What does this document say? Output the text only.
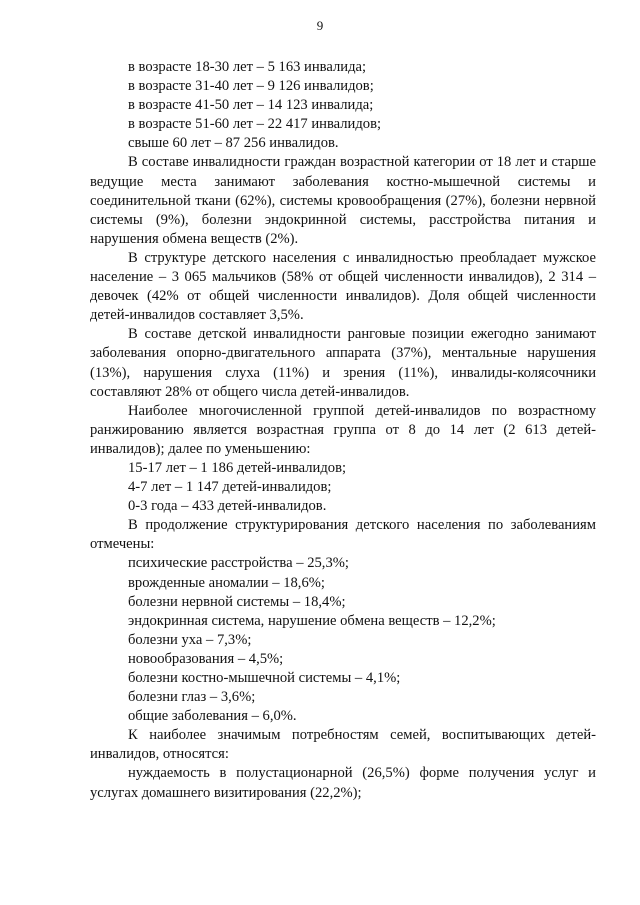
9

в возрасте 18-30 лет – 5 163 инвалида;

в возрасте 31-40 лет – 9 126 инвалидов;

в возрасте 41-50 лет – 14 123 инвалида;

в возрасте 51-60 лет – 22 417 инвалидов;

свыше 60 лет – 87 256 инвалидов.

В составе инвалидности граждан возрастной категории от 18 лет и старше ведущие места занимают заболевания костно-мышечной системы и соединительной ткани (62%), системы кровообращения (27%), болезни нервной системы (9%), болезни эндокринной системы, расстройства питания и нарушения обмена веществ (2%).

В структуре детского населения с инвалидностью преобладает мужское население – 3 065 мальчиков (58% от общей численности инвалидов), 2 314 – девочек (42% от общей численности инвалидов). Доля общей численности детей-инвалидов составляет 3,5%.

В составе детской инвалидности ранговые позиции ежегодно занимают заболевания опорно-двигательного аппарата (37%), ментальные нарушения (13%), нарушения слуха (11%) и зрения (11%), инвалиды-колясочники составляют 28% от общего числа детей-инвалидов.

Наиболее многочисленной группой детей-инвалидов по возрастному ранжированию является возрастная группа от 8 до 14 лет (2 613 детей-инвалидов); далее по уменьшению:

15-17 лет – 1 186 детей-инвалидов;

4-7 лет – 1 147 детей-инвалидов;

0-3 года – 433 детей-инвалидов.

В продолжение структурирования детского населения по заболеваниям отмечены:

психические расстройства – 25,3%;

врожденные аномалии – 18,6%;

болезни нервной системы – 18,4%;

эндокринная система, нарушение обмена веществ – 12,2%;

болезни уха – 7,3%;

новообразования – 4,5%;

болезни костно-мышечной системы – 4,1%;

болезни глаз – 3,6%;

общие заболевания – 6,0%.

К наиболее значимым потребностям семей, воспитывающих детей-инвалидов, относятся:

нуждаемость в полустационарной (26,5%) форме получения услуг и услугах домашнего визитирования (22,2%);
